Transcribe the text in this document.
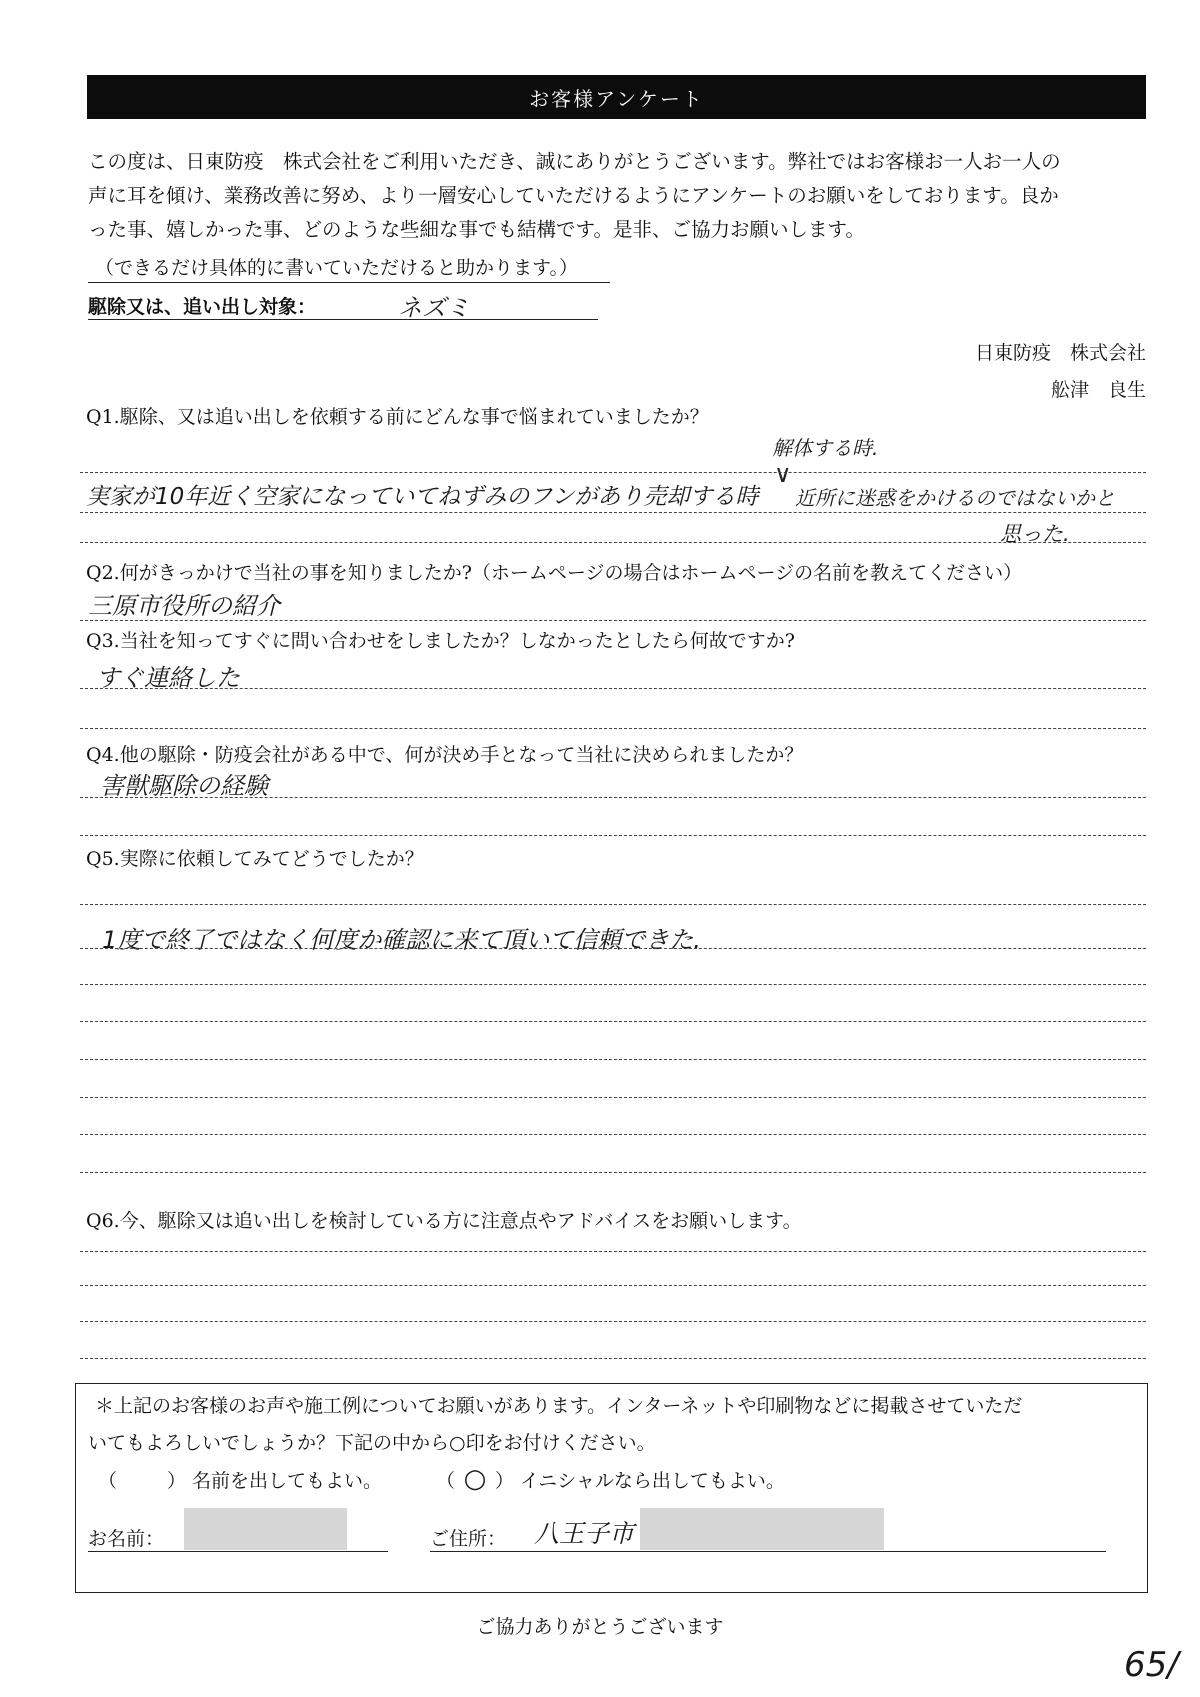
お客様アンケート

この度は、日東防疫　株式会社をご利用いただき、誠にありがとうございます。弊社ではお客様お一人お一人の

声に耳を傾け、業務改善に努め、より一層安心していただけるようにアンケートのお願いをしております。良か

った事、嬉しかった事、どのような些細な事でも結構です。是非、ご協力お願いします。

（できるだけ具体的に書いていただけると助かります。）
駆除又は、追い出し対象：	ネズミ
日東防疫　株式会社
舩津　良生
Q1.駆除、又は追い出しを依頼する前にどんな事で悩まれていましたか？
解体する時.
∨
実家が10年近く空家になっていてねずみのフンがあり売却する時 近所に迷惑をかけるのではないかと
思った.
Q2.何がきっかけで当社の事を知りましたか?（ホームページの場合はホームページの名前を教えてください）
三原市役所の紹介
Q3.当社を知ってすぐに問い合わせをしましたか？しなかったとしたら何故ですか?
すぐ連絡した
Q4.他の駆除・防疫会社がある中で、何が決め手となって当社に決められましたか？
害獣駆除の経験
Q5.実際に依頼してみてどうでしたか？
1度で終了ではなく何度か確認に来て頂いて信頼できた.
Q6.今、駆除又は追い出しを検討している方に注意点やアドバイスをお願いします。
＊上記のお客様のお声や施工例についてお願いがあります。インターネットや印刷物などに掲載させていただ
いてもよろしいでしょうか？下記の中から○印をお付けください。
（	） 名前を出してもよい。	（ ○ ） イニシャルなら出してもよい。
お名前：	ご住所： 八王子市
ご協力ありがとうございます
65/
